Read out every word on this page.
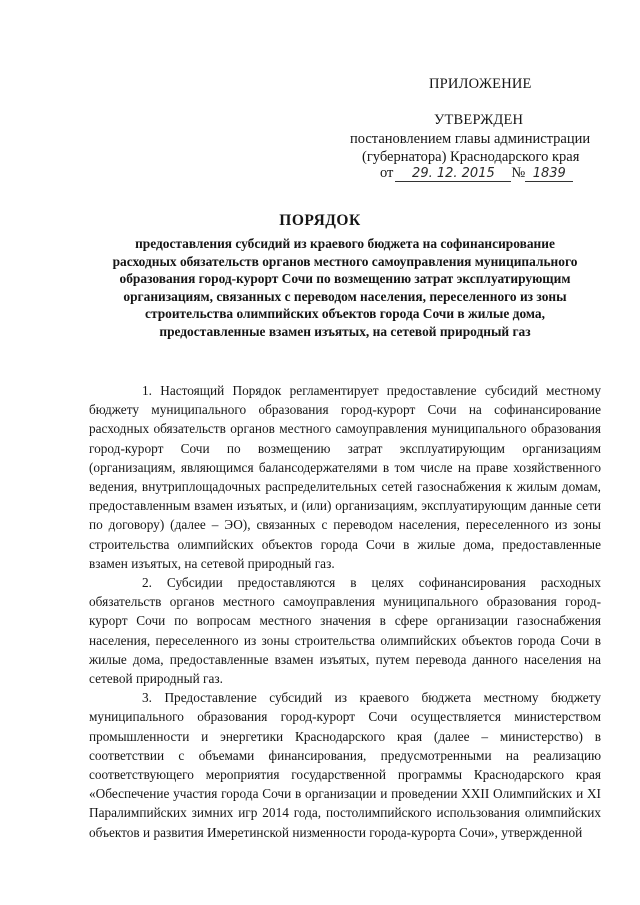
ПРИЛОЖЕНИЕ
УТВЕРЖДЕН
постановлением главы администрации
(губернатора) Краснодарского края
от 29. 12. 2015 № 1839
ПОРЯДОК
предоставления субсидий из краевого бюджета на софинансирование расходных обязательств органов местного самоуправления муниципального образования город-курорт Сочи по возмещению затрат эксплуатирующим организациям, связанных с переводом населения, переселенного из зоны строительства олимпийских объектов города Сочи в жилые дома, предоставленные взамен изъятых, на сетевой природный газ

1. Настоящий Порядок регламентирует предоставление субсидий местному бюджету муниципального образования город-курорт Сочи на софинансирование расходных обязательств органов местного самоуправления муниципального образования город-курорт Сочи по возмещению затрат эксплуатирующим организациям (организациям, являющимся балансодержателями в том числе на праве хозяйственного ведения, внутриплощадочных распределительных сетей газоснабжения к жилым домам, предоставленным взамен изъятых, и (или) организациям, эксплуатирующим данные сети по договору) (далее – ЭО), связанных с переводом населения, переселенного из зоны строительства олимпийских объектов города Сочи в жилые дома, предоставленные взамен изъятых, на сетевой природный газ.

2. Субсидии предоставляются в целях софинансирования расходных обязательств органов местного самоуправления муниципального образования город-курорт Сочи по вопросам местного значения в сфере организации газоснабжения населения, переселенного из зоны строительства олимпийских объектов города Сочи в жилые дома, предоставленные взамен изъятых, путем перевода данного населения на сетевой природный газ.

3. Предоставление субсидий из краевого бюджета местному бюджету муниципального образования город-курорт Сочи осуществляется министерством промышленности и энергетики Краснодарского края (далее – министерство) в соответствии с объемами финансирования, предусмотренными на реализацию соответствующего мероприятия государственной программы Краснодарского края «Обеспечение участия города Сочи в организации и проведении XXII Олимпийских и XI Паралимпийских зимних игр 2014 года, постолимпийского использования олимпийских объектов и развития Имеретинской низменности города-курорта Сочи», утвержденной
